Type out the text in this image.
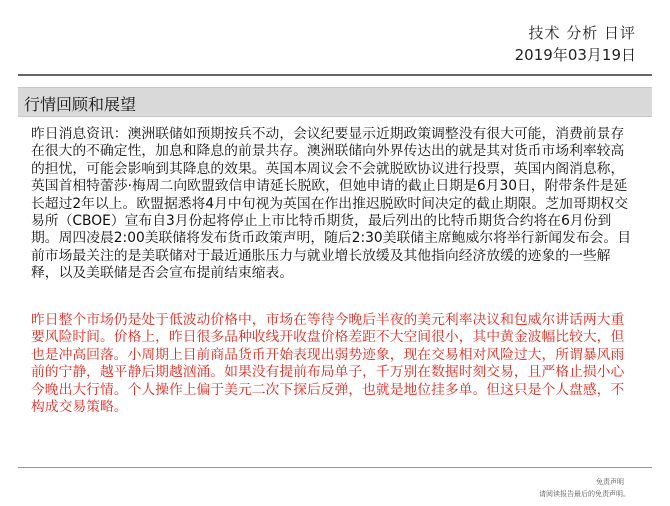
技术 分析 日评
2019年03月19日
行情回顾和展望

昨日消息资讯：澳洲联储如预期按兵不动，会议纪要显示近期政策调整没有很大可能，消费前景存在很大的不确定性，加息和降息的前景共存。澳洲联储向外界传达出的就是其对货币市场利率较高的担忧，可能会影响到其降息的效果。英国本周议会不会就脱欧协议进行投票，英国内阁消息称，英国首相特蕾莎·梅周二向欧盟致信申请延长脱欧，但她申请的截止日期是6月30日，附带条件是延长超过2年以上。欧盟据悉将4月中旬视为英国在作出推迟脱欧时间决定的截止期限。芝加哥期权交易所（CBOE）宣布自3月份起将停止上市比特币期货，最后列出的比特币期货合约将在6月份到期。周四凌晨2:00美联储将发布货币政策声明，随后2:30美联储主席鲍威尔将举行新闻发布会。目前市场最关注的是美联储对于最近通胀压力与就业增长放缓及其他指向经济放缓的迹象的一些解释，以及美联储是否会宣布提前结束缩表。

昨日整个市场仍是处于低波动价格中，市场在等待今晚后半夜的美元利率决议和包威尔讲话两大重要风险时间。价格上，昨日很多品种收线开收盘价格差距不大空间很小，其中黄金波幅比较大，但也是冲高回落。小周期上目前商品货币开始表现出弱势迹象，现在交易相对风险过大，所谓暴风雨前的宁静，越平静后期越汹涌。如果没有提前布局单子，千万别在数据时刻交易，且严格止损小心今晚出大行情。个人操作上偏于美元二次下探后反弹，也就是地位挂多单。但这只是个人盘感，不构成交易策略。

免责声明
请阅读报告最后的免责声明。
